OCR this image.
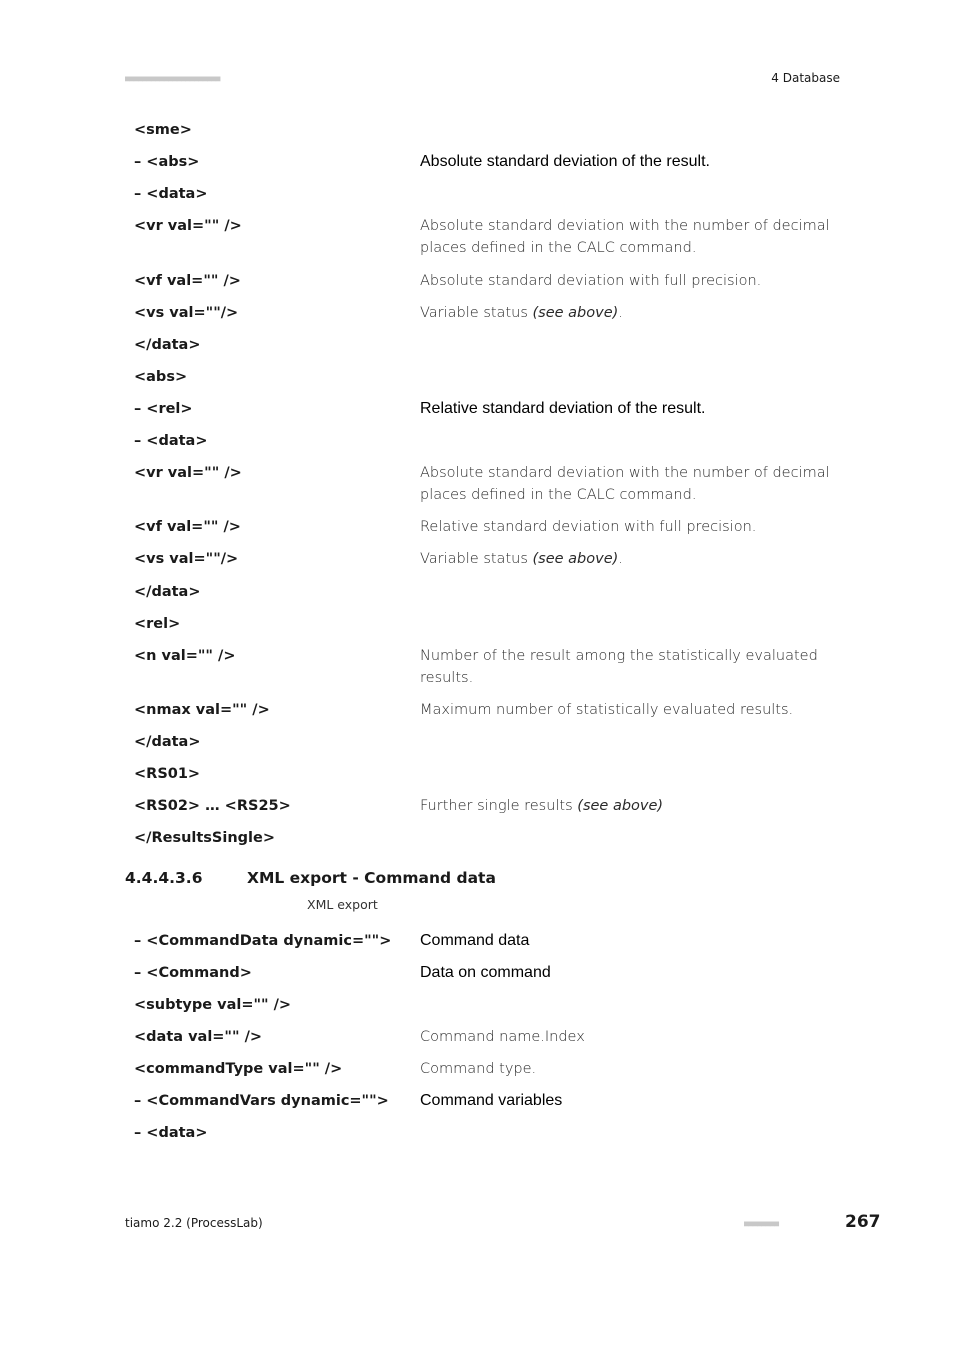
■■■■■■■■■■■■■■■■■■■■■■	4 Database
<sme>
– <abs>	Absolute standard deviation of the result.
– <data>
<vr val="" />	Absolute standard deviation with the number of decimal places defined in the CALC command.
<vf val="" />	Absolute standard deviation with full precision.
<vs val=""/>	Variable status (see above).
</data>
<abs>
– <rel>	Relative standard deviation of the result.
– <data>
<vr val="" />	Absolute standard deviation with the number of decimal places defined in the CALC command.
<vf val="" />	Relative standard deviation with full precision.
<vs val=""/>	Variable status (see above).
</data>
<rel>
<n val="" />	Number of the result among the statistically evaluated results.
<nmax val="" />	Maximum number of statistically evaluated results.
</data>
<RS01>
<RS02> … <RS25>	Further single results (see above)
</ResultsSingle>
4.4.4.3.6	XML export - Command data
XML export
– <CommandData dynamic="">	Command data
– <Command>	Data on command
<subtype val="" />
<data val="" />	Command name.Index
<commandType val="" />	Command type.
– <CommandVars dynamic="">	Command variables
– <data>
tiamo 2.2 (ProcessLab)	■■■■■■■■	267
